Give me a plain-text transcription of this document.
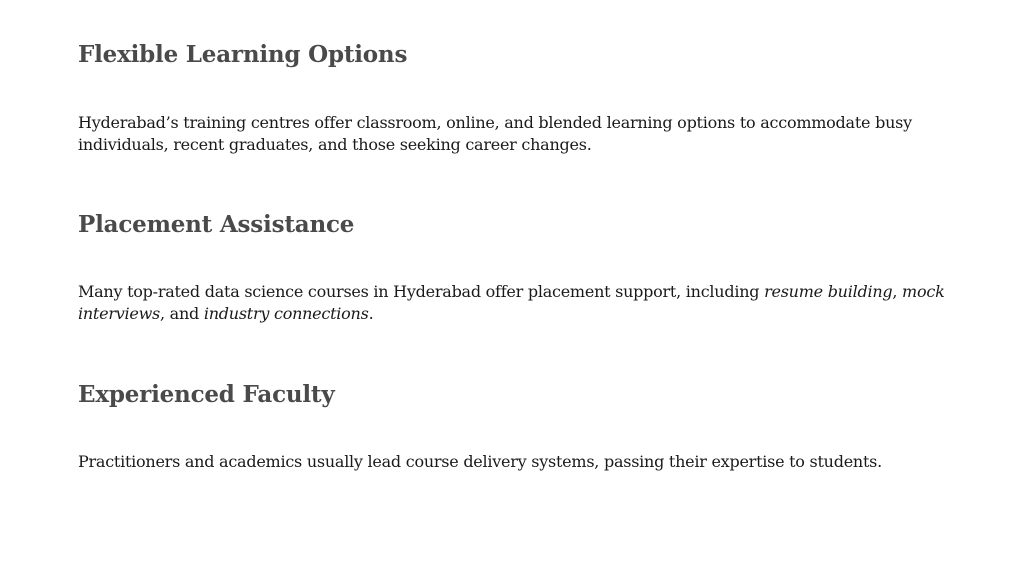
Flexible Learning Options

Hyderabad’s training centres offer classroom, online, and blended learning options to accommodate busy individuals, recent graduates, and those seeking career changes.

Placement Assistance

Many top-rated data science courses in Hyderabad offer placement support, including resume building, mock interviews, and industry connections.

Experienced Faculty

Practitioners and academics usually lead course delivery systems, passing their expertise to students.
